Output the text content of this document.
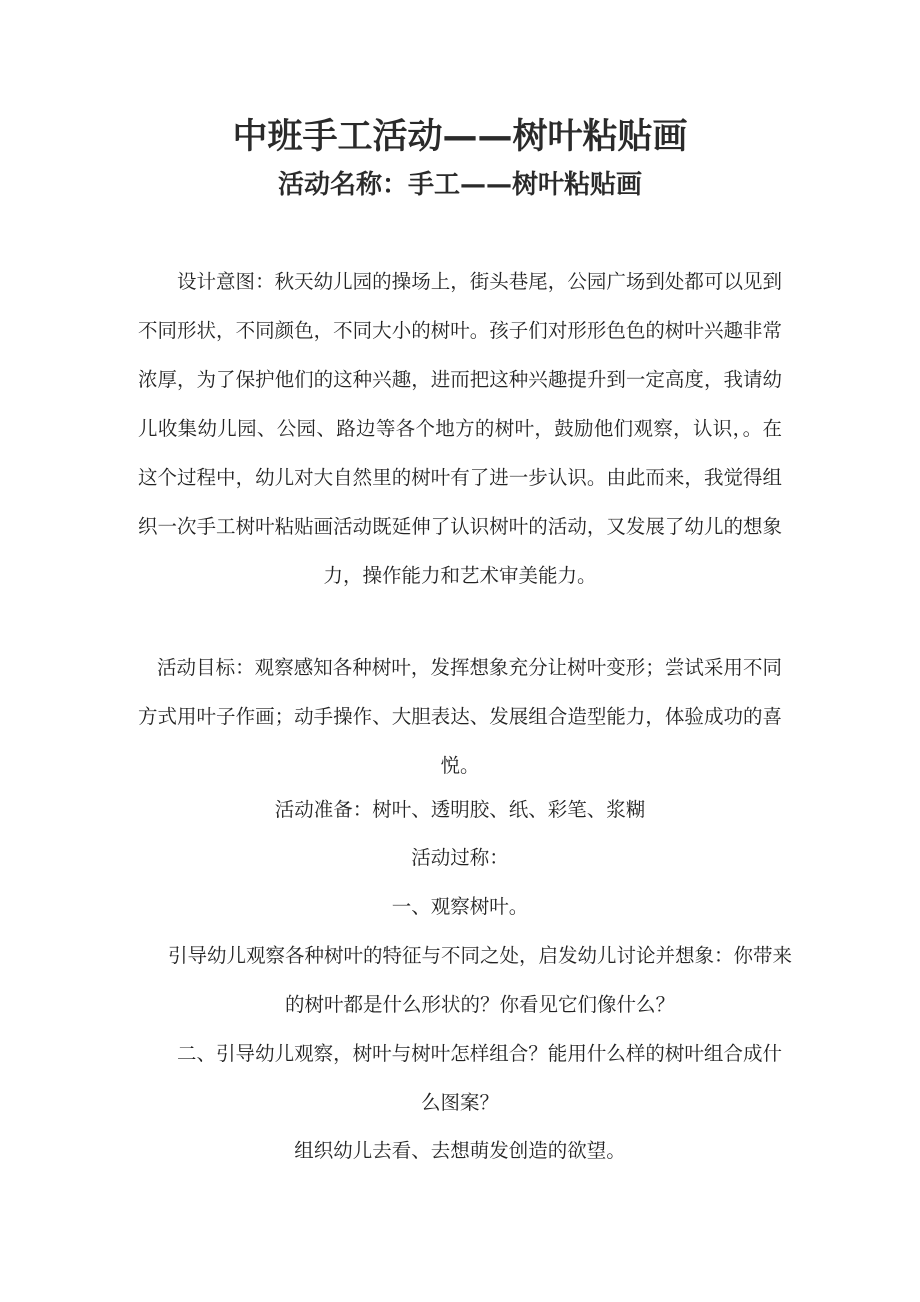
中班手工活动——树叶粘贴画
活动名称：手工——树叶粘贴画

设计意图：秋天幼儿园的操场上，街头巷尾，公园广场到处都可以见到不同形状，不同颜色，不同大小的树叶。孩子们对形形色色的树叶兴趣非常浓厚，为了保护他们的这种兴趣，进而把这种兴趣提升到一定高度，我请幼儿收集幼儿园、公园、路边等各个地方的树叶，鼓励他们观察，认识，。在这个过程中，幼儿对大自然里的树叶有了进一步认识。由此而来，我觉得组织一次手工树叶粘贴画活动既延伸了认识树叶的活动，又发展了幼儿的想象力，操作能力和艺术审美能力。

活动目标：观察感知各种树叶，发挥想象充分让树叶变形；尝试采用不同方式用叶子作画；动手操作、大胆表达、发展组合造型能力，体验成功的喜悦。

活动准备：树叶、透明胶、纸、彩笔、浆糊

活动过称：

一、观察树叶。

引导幼儿观察各种树叶的特征与不同之处，启发幼儿讨论并想象：你带来的树叶都是什么形状的？你看见它们像什么？

二、引导幼儿观察，树叶与树叶怎样组合？能用什么样的树叶组合成什么图案？

组织幼儿去看、去想萌发创造的欲望。
